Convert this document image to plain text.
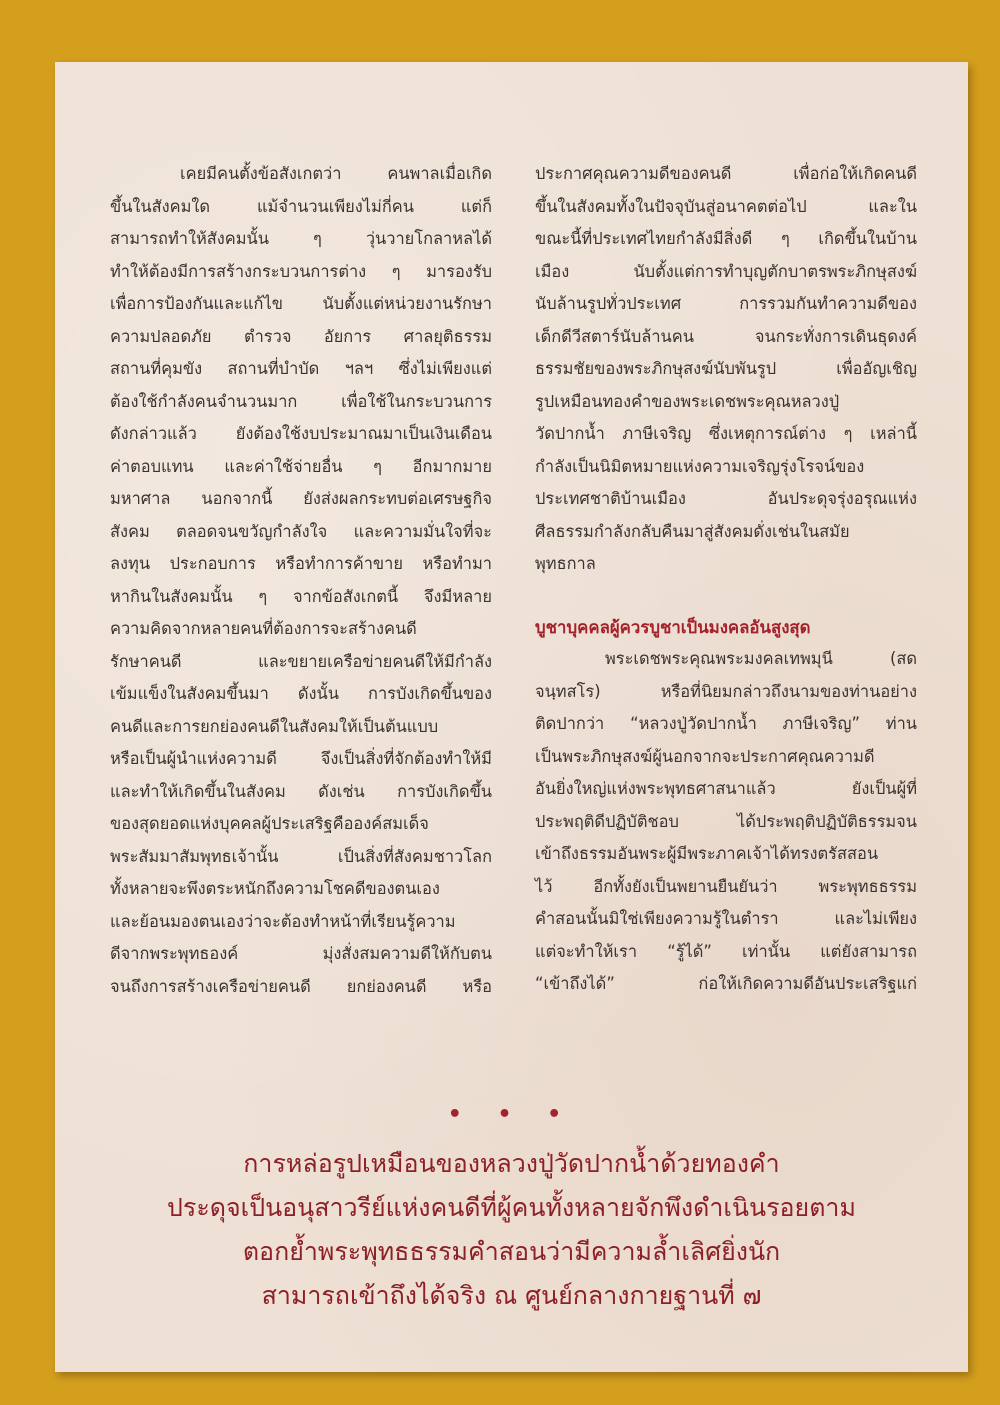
เคยมีคนตั้งข้อสังเกตว่า คนพาลเมื่อเกิด
ขึ้นในสังคมใด แม้จำนวนเพียงไม่กี่คน แต่ก็
สามารถทำให้สังคมนั้น ๆ วุ่นวายโกลาหลได้
ทำให้ต้องมีการสร้างกระบวนการต่าง ๆ มารองรับ
เพื่อการป้องกันและแก้ไข นับตั้งแต่หน่วยงานรักษา
ความปลอดภัย ตำรวจ อัยการ ศาลยุติธรรม
สถานที่คุมขัง สถานที่บำบัด ฯลฯ ซึ่งไม่เพียงแต่
ต้องใช้กำลังคนจำนวนมาก เพื่อใช้ในกระบวนการ
ดังกล่าวแล้ว ยังต้องใช้งบประมาณมาเป็นเงินเดือน
ค่าตอบแทน และค่าใช้จ่ายอื่น ๆ อีกมากมาย
มหาศาล นอกจากนี้ ยังส่งผลกระทบต่อเศรษฐกิจ
สังคม ตลอดจนขวัญกำลังใจ และความมั่นใจที่จะ
ลงทุน ประกอบการ หรือทำการค้าขาย หรือทำมา
หากินในสังคมนั้น ๆ จากข้อสังเกตนี้ จึงมีหลาย
ความคิดจากหลายคนที่ต้องการจะสร้างคนดี
รักษาคนดี และขยายเครือข่ายคนดีให้มีกำลัง
เข้มแข็งในสังคมขึ้นมา ดังนั้น การบังเกิดขึ้นของ
คนดีและการยกย่องคนดีในสังคมให้เป็นต้นแบบ
หรือเป็นผู้นำแห่งความดี จึงเป็นสิ่งที่จักต้องทำให้มี
และทำให้เกิดขึ้นในสังคม ดังเช่น การบังเกิดขึ้น
ของสุดยอดแห่งบุคคลผู้ประเสริฐคือองค์สมเด็จ
พระสัมมาสัมพุทธเจ้านั้น เป็นสิ่งที่สังคมชาวโลก
ทั้งหลายจะพึงตระหนักถึงความโชคดีของตนเอง
และย้อนมองตนเองว่าจะต้องทำหน้าที่เรียนรู้ความ
ดีจากพระพุทธองค์ มุ่งสั่งสมความดีให้กับตน
จนถึงการสร้างเครือข่ายคนดี ยกย่องคนดี หรือ
ประกาศคุณความดีของคนดี เพื่อก่อให้เกิดคนดี
ขึ้นในสังคมทั้งในปัจจุบันสู่อนาคตต่อไป และใน
ขณะนี้ที่ประเทศไทยกำลังมีสิ่งดี ๆ เกิดขึ้นในบ้าน
เมือง นับตั้งแต่การทำบุญตักบาตรพระภิกษุสงฆ์
นับล้านรูปทั่วประเทศ การรวมกันทำความดีของ
เด็กดีวีสตาร์นับล้านคน จนกระทั่งการเดินธุดงค์
ธรรมชัยของพระภิกษุสงฆ์นับพันรูป เพื่ออัญเชิญ
รูปเหมือนทองคำของพระเดชพระคุณหลวงปู่
วัดปากน้ำ ภาษีเจริญ ซึ่งเหตุการณ์ต่าง ๆ เหล่านี้
กำลังเป็นนิมิตหมายแห่งความเจริญรุ่งโรจน์ของ
ประเทศชาติบ้านเมือง อันประดุจรุ่งอรุณแห่ง
ศีลธรรมกำลังกลับคืนมาสู่สังคมดั่งเช่นในสมัย
พุทธกาล
บูชาบุคคลผู้ควรบูชาเป็นมงคลอันสูงสุด
พระเดชพระคุณพระมงคลเทพมุนี (สด
จนฺทสโร) หรือที่นิยมกล่าวถึงนามของท่านอย่าง
ติดปากว่า “หลวงปู่วัดปากน้ำ ภาษีเจริญ” ท่าน
เป็นพระภิกษุสงฆ์ผู้นอกจากจะประกาศคุณความดี
อันยิ่งใหญ่แห่งพระพุทธศาสนาแล้ว ยังเป็นผู้ที่
ประพฤติดีปฏิบัติชอบ ได้ประพฤติปฏิบัติธรรมจน
เข้าถึงธรรมอันพระผู้มีพระภาคเจ้าได้ทรงตรัสสอน
ไว้ อีกทั้งยังเป็นพยานยืนยันว่า พระพุทธธรรม
คำสอนนั้นมิใช่เพียงความรู้ในตำรา และไม่เพียง
แต่จะทำให้เรา “รู้ได้” เท่านั้น แต่ยังสามารถ
“เข้าถึงได้” ก่อให้เกิดความดีอันประเสริฐแก่
• • •
การหล่อรูปเหมือนของหลวงปู่วัดปากน้ำด้วยทองคำ
ประดุจเป็นอนุสาวรีย์แห่งคนดีที่ผู้คนทั้งหลายจักพึงดำเนินรอยตาม
ตอกย้ำพระพุทธธรรมคำสอนว่ามีความล้ำเลิศยิ่งนัก
สามารถเข้าถึงได้จริง ณ ศูนย์กลางกายฐานที่ ๗
